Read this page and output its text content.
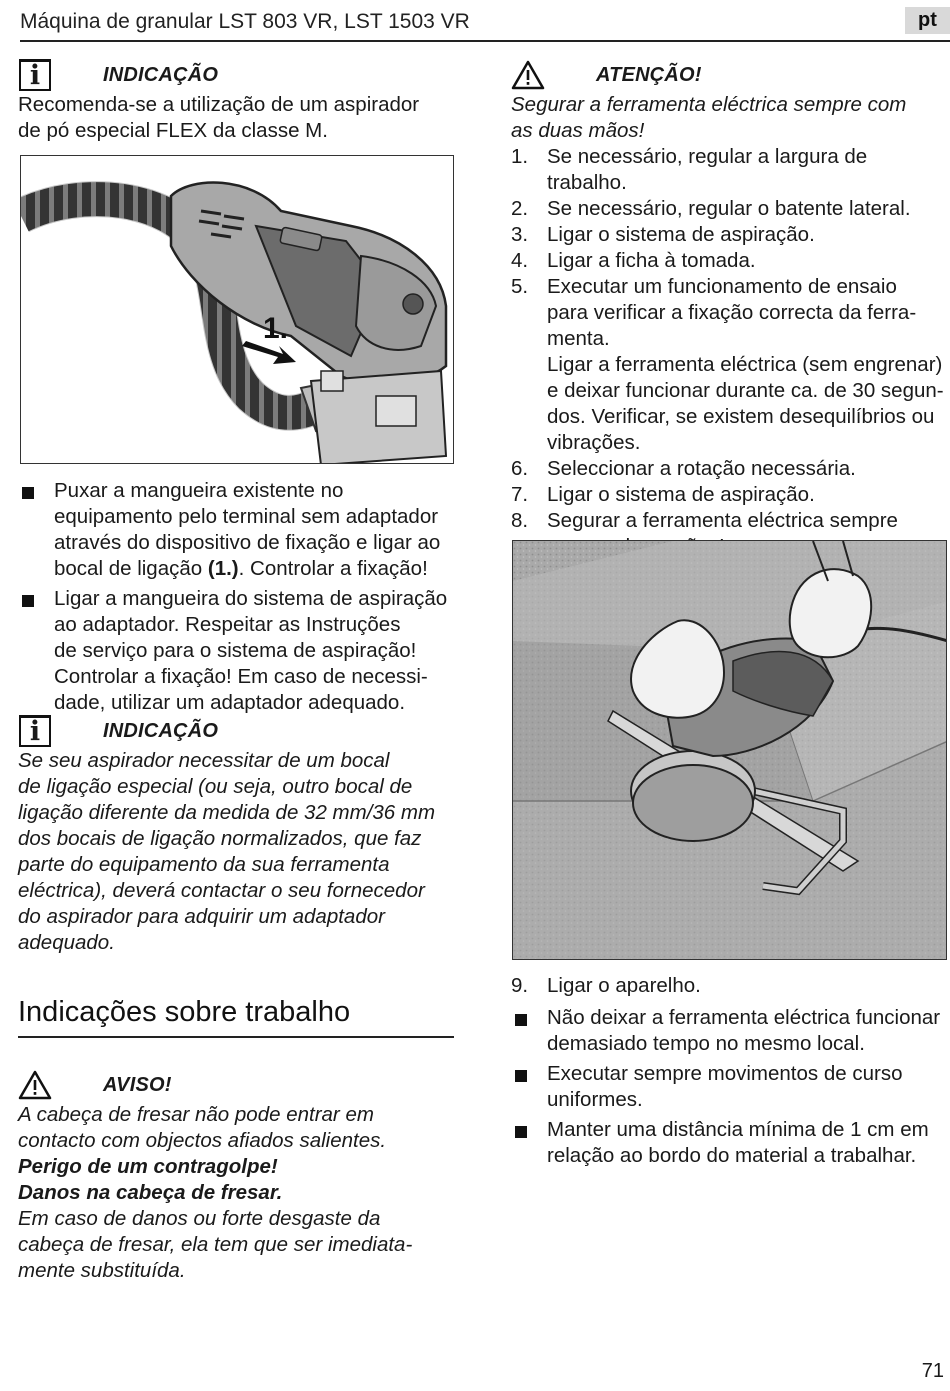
Máquina de granular LST 803 VR, LST 1503 VR	pt
i	INDICAÇÃO
Recomenda-se a utilização de um aspirador
de pó especial FLEX da classe M.
1.
Puxar a mangueira existente no
equipamento pelo terminal sem adaptador
através do dispositivo de fixação e ligar ao
bocal de ligação (1.). Controlar a fixação!
Ligar a mangueira do sistema de aspiração
ao adaptador. Respeitar as Instruções
de serviço para o sistema de aspiração!
Controlar a fixação! Em caso de necessi-
dade, utilizar um adaptador adequado.
i	INDICAÇÃO
Se seu aspirador necessitar de um bocal
de ligação especial (ou seja, outro bocal de
ligação diferente da medida de 32 mm/36 mm
dos bocais de ligação normalizados, que faz
parte do equipamento da sua ferramenta
eléctrica), deverá contactar o seu fornecedor
do aspirador para adquirir um adaptador
adequado.
Indicações sobre trabalho
AVISO!
A cabeça de fresar não pode entrar em
contacto com objectos afiados salientes.
Perigo de um contragolpe!
Danos na cabeça de fresar.
Em caso de danos ou forte desgaste da
cabeça de fresar, ela tem que ser imediata-
mente substituída.
ATENÇÃO!
Segurar a ferramenta eléctrica sempre com
as duas mãos!
1. Se necessário, regular a largura de trabalho.
2. Se necessário, regular o batente lateral.
3. Ligar o sistema de aspiração.
4. Ligar a ficha à tomada.
5. Executar um funcionamento de ensaio
para verificar a fixação correcta da ferra-
menta.
Ligar a ferramenta eléctrica (sem engrenar)
e deixar funcionar durante ca. de 30 segun-
dos. Verificar, se existem desequilíbrios ou
vibrações.
6. Seleccionar a rotação necessária.
7. Ligar o sistema de aspiração.
8. Segurar a ferramenta eléctrica sempre
9. Ligar o aparelho.
Não deixar a ferramenta eléctrica funcionar
demasiado tempo no mesmo local.
Executar sempre movimentos de curso
uniformes.
Manter uma distância mínima de 1 cm em
relação ao bordo do material a trabalhar.
71
